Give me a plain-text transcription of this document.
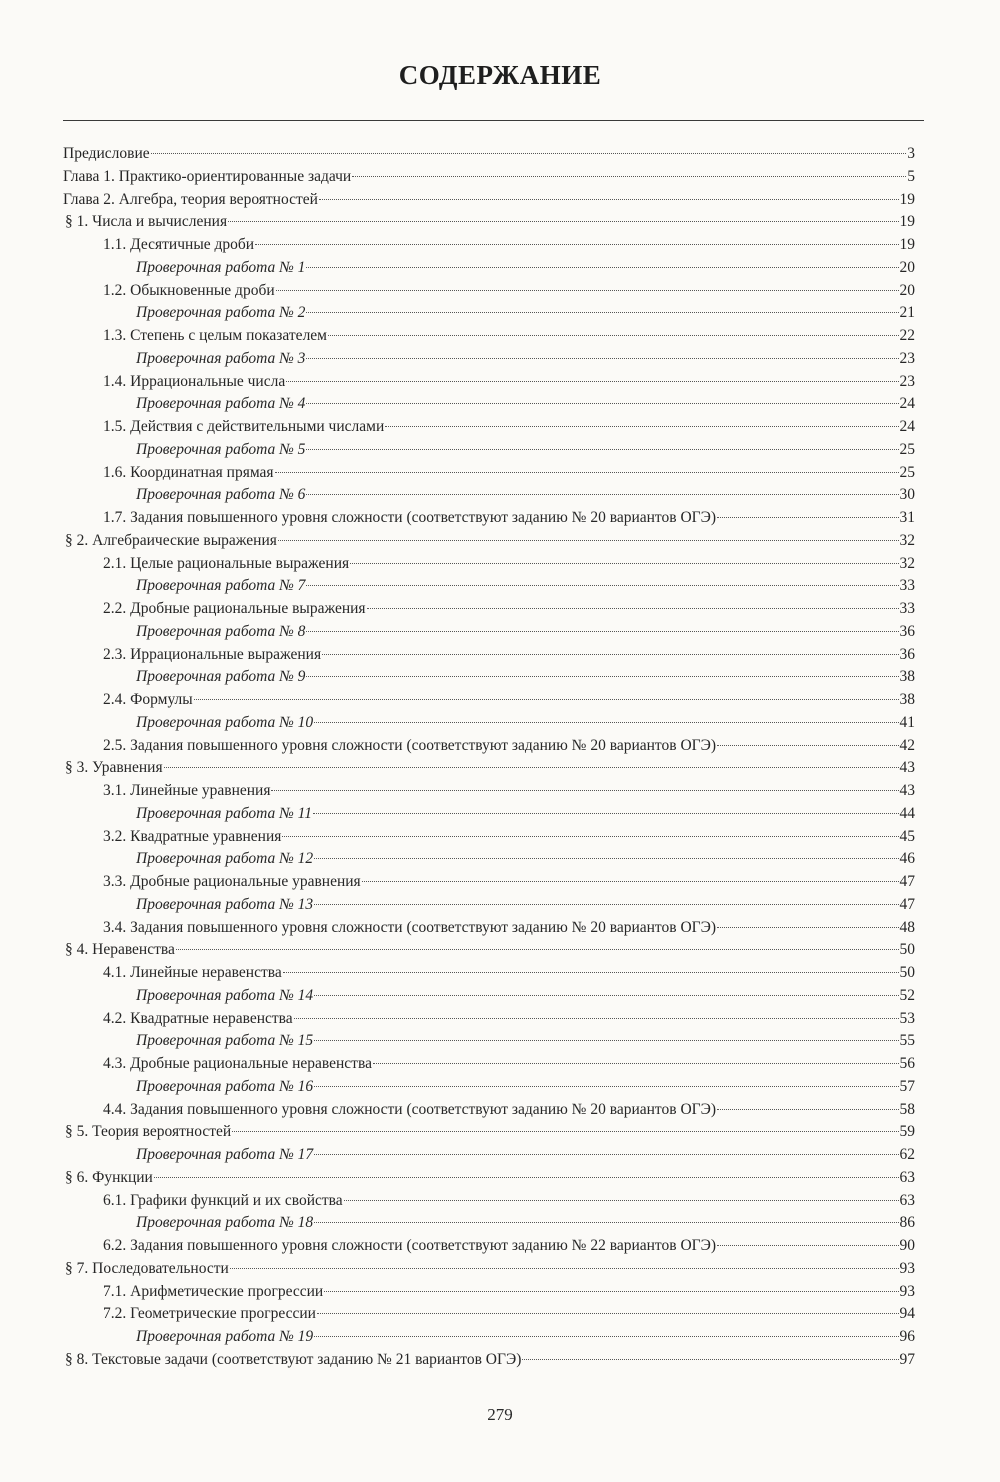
СОДЕРЖАНИЕ
Предисловие	3
Глава 1. Практико-ориентированные задачи	5
Глава 2. Алгебра, теория вероятностей	19
§ 1. Числа и вычисления	19
1.1. Десятичные дроби	19
Проверочная работа № 1	20
1.2. Обыкновенные дроби	20
Проверочная работа № 2	21
1.3. Степень с целым показателем	22
Проверочная работа № 3	23
1.4. Иррациональные числа	23
Проверочная работа № 4	24
1.5. Действия с действительными числами	24
Проверочная работа № 5	25
1.6. Координатная прямая	25
Проверочная работа № 6	30
1.7. Задания повышенного уровня сложности (соответствуют заданию № 20 вариантов ОГЭ)	31
§ 2. Алгебраические выражения	32
2.1. Целые рациональные выражения	32
Проверочная работа № 7	33
2.2. Дробные рациональные выражения	33
Проверочная работа № 8	36
2.3. Иррациональные выражения	36
Проверочная работа № 9	38
2.4. Формулы	38
Проверочная работа № 10	41
2.5. Задания повышенного уровня сложности (соответствуют заданию № 20 вариантов ОГЭ)	42
§ 3. Уравнения	43
3.1. Линейные уравнения	43
Проверочная работа № 11	44
3.2. Квадратные уравнения	45
Проверочная работа № 12	46
3.3. Дробные рациональные уравнения	47
Проверочная работа № 13	47
3.4. Задания повышенного уровня сложности (соответствуют заданию № 20 вариантов ОГЭ)	48
§ 4. Неравенства	50
4.1. Линейные неравенства	50
Проверочная работа № 14	52
4.2. Квадратные неравенства	53
Проверочная работа № 15	55
4.3. Дробные рациональные неравенства	56
Проверочная работа № 16	57
4.4. Задания повышенного уровня сложности (соответствуют заданию № 20 вариантов ОГЭ)	58
§ 5. Теория вероятностей	59
Проверочная работа № 17	62
§ 6. Функции	63
6.1. Графики функций и их свойства	63
Проверочная работа № 18	86
6.2. Задания повышенного уровня сложности (соответствуют заданию № 22 вариантов ОГЭ)	90
§ 7. Последовательности	93
7.1. Арифметические прогрессии	93
7.2. Геометрические прогрессии	94
Проверочная работа № 19	96
§ 8. Текстовые задачи (соответствуют заданию № 21 вариантов ОГЭ)	97
279
